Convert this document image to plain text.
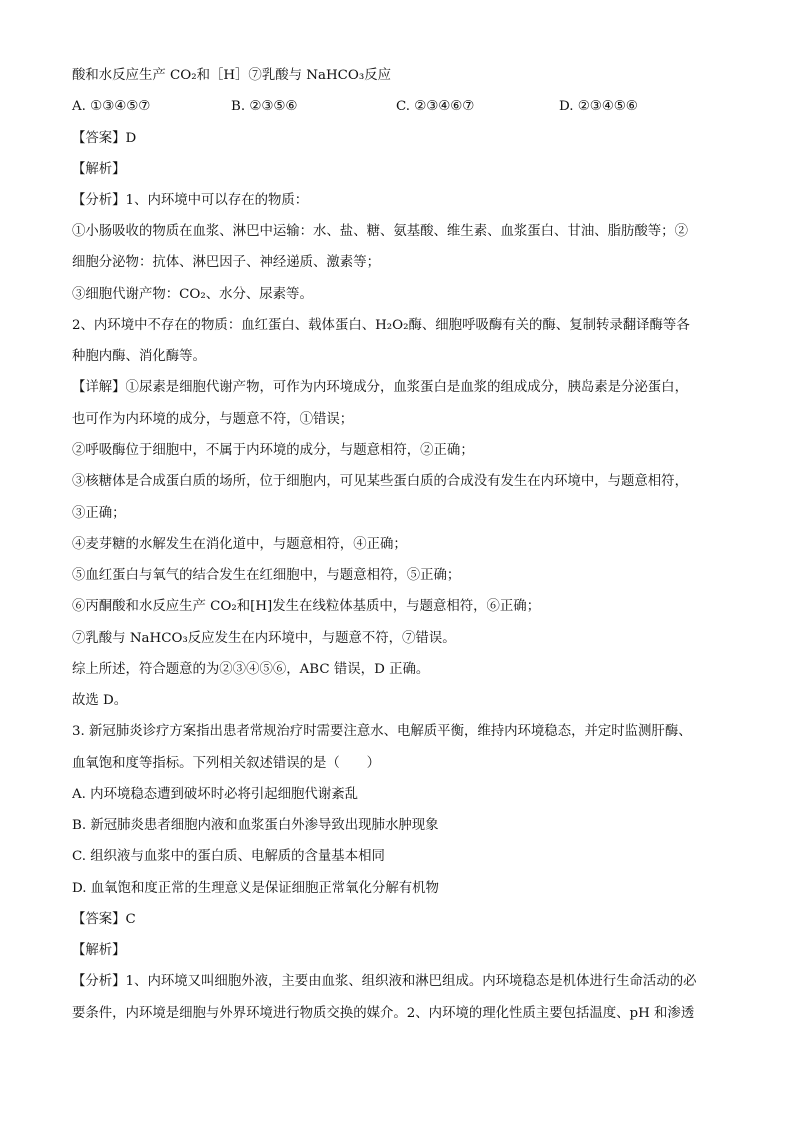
酸和水反应生产 CO₂和［H］⑦乳酸与 NaHCO₃反应
A. ①③④⑤⑦	B. ②③⑤⑥	C. ②③④⑥⑦	D. ②③④⑤⑥
【答案】D
【解析】
【分析】1、内环境中可以存在的物质：
①小肠吸收的物质在血浆、淋巴中运输：水、盐、糖、氨基酸、维生素、血浆蛋白、甘油、脂肪酸等；②
细胞分泌物：抗体、淋巴因子、神经递质、激素等；
③细胞代谢产物：CO₂、水分、尿素等。
2、内环境中不存在的物质：血红蛋白、载体蛋白、H₂O₂酶、细胞呼吸酶有关的酶、复制转录翻译酶等各
种胞内酶、消化酶等。
【详解】①尿素是细胞代谢产物，可作为内环境成分，血浆蛋白是血浆的组成成分，胰岛素是分泌蛋白，
也可作为内环境的成分，与题意不符，①错误；
②呼吸酶位于细胞中，不属于内环境的成分，与题意相符，②正确；
③核糖体是合成蛋白质的场所，位于细胞内，可见某些蛋白质的合成没有发生在内环境中，与题意相符，
③正确；
④麦芽糖的水解发生在消化道中，与题意相符，④正确；
⑤血红蛋白与氧气的结合发生在红细胞中，与题意相符，⑤正确；
⑥丙酮酸和水反应生产 CO₂和[H]发生在线粒体基质中，与题意相符，⑥正确；
⑦乳酸与 NaHCO₃反应发生在内环境中，与题意不符，⑦错误。
综上所述，符合题意的为②③④⑤⑥，ABC 错误，D 正确。
故选 D。
3. 新冠肺炎诊疗方案指出患者常规治疗时需要注意水、电解质平衡，维持内环境稳态，并定时监测肝酶、
血氧饱和度等指标。下列相关叙述错误的是（　　）
A. 内环境稳态遭到破坏时必将引起细胞代谢紊乱
B. 新冠肺炎患者细胞内液和血浆蛋白外渗导致出现肺水肿现象
C. 组织液与血浆中的蛋白质、电解质的含量基本相同
D. 血氧饱和度正常的生理意义是保证细胞正常氧化分解有机物
【答案】C
【解析】
【分析】1、内环境又叫细胞外液，主要由血浆、组织液和淋巴组成。内环境稳态是机体进行生命活动的必
要条件，内环境是细胞与外界环境进行物质交换的媒介。2、内环境的理化性质主要包括温度、pH 和渗透
